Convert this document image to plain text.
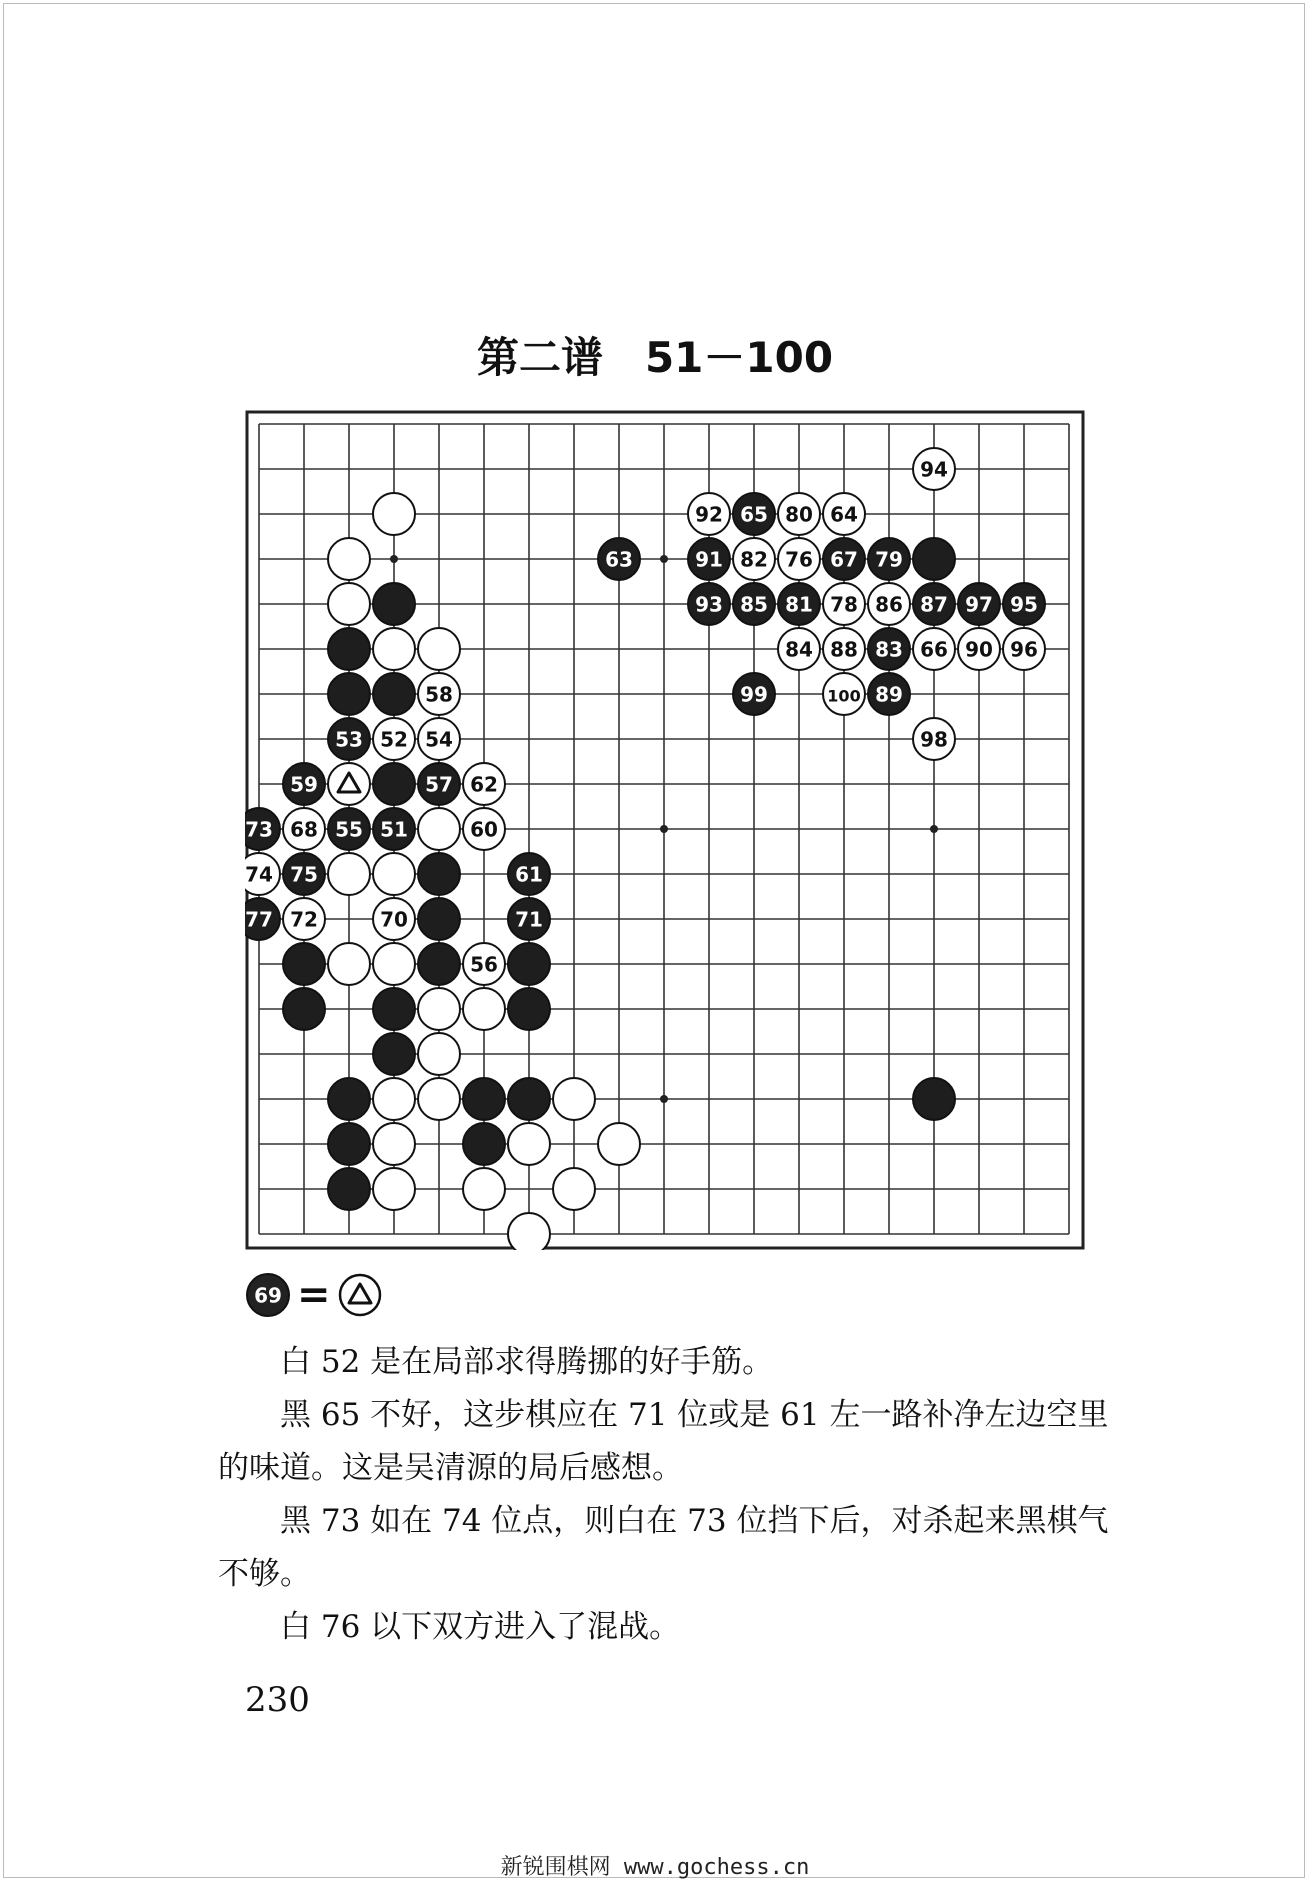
第二谱　51－100
63
92 65 80 64
94
91 82 76 67 79
93 85 81 78 86 87 97 95
84 88 83 66 90 96
99	100 89
98
58
53 52 54
59	57 62
73 68 55 51	60
74 75	61
77 72	70	71
56
69 =

白 52 是在局部求得腾挪的好手筋。

黑 65 不好，这步棋应在 71 位或是 61 左一路补净左边空里的味道。这是吴清源的局后感想。

黑 73 如在 74 位点，则白在 73 位挡下后，对杀起来黑棋气不够。

白 76 以下双方进入了混战。

230
新锐围棋网 www.gochess.cn
